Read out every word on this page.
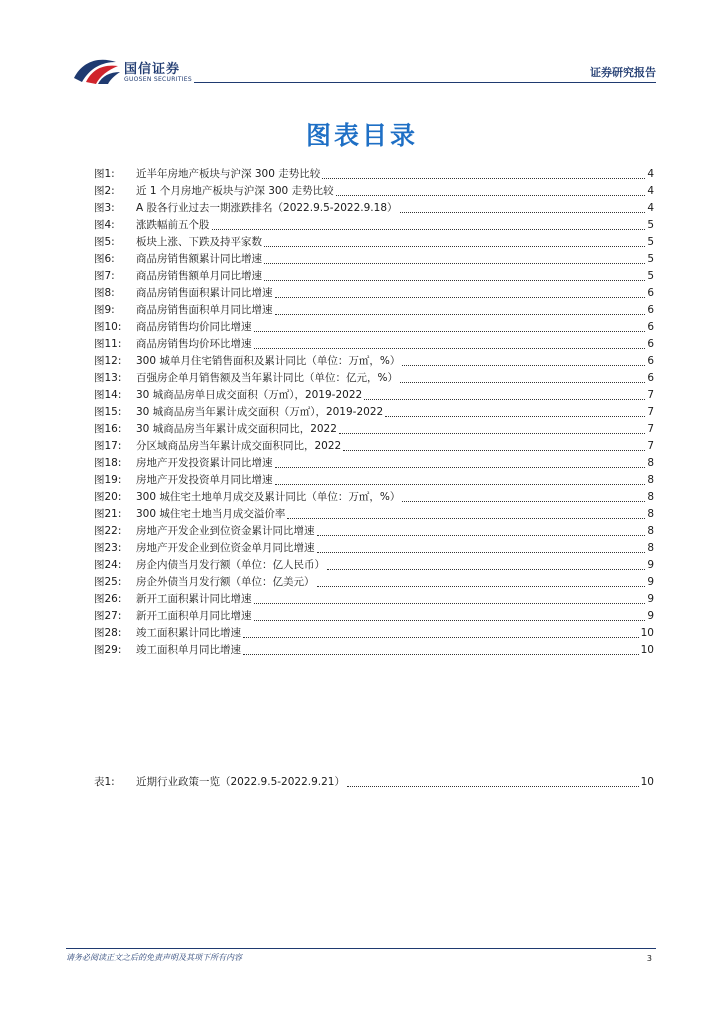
国信证券
GUOSEN SECURITIES
证券研究报告
图表目录
图1: 近半年房地产板块与沪深 300 走势比较	4
图2: 近 1 个月房地产板块与沪深 300 走势比较	4
图3: A 股各行业过去一期涨跌排名（2022.9.5-2022.9.18）	4
图4: 涨跌幅前五个股	5
图5: 板块上涨、下跌及持平家数	5
图6: 商品房销售额累计同比增速	5
图7: 商品房销售额单月同比增速	5
图8: 商品房销售面积累计同比增速	6
图9: 商品房销售面积单月同比增速	6
图10: 商品房销售均价同比增速	6
图11: 商品房销售均价环比增速	6
图12: 300 城单月住宅销售面积及累计同比（单位：万㎡，%）	6
图13: 百强房企单月销售额及当年累计同比（单位：亿元，%）	6
图14: 30 城商品房单日成交面积（万㎡），2019-2022	7
图15: 30 城商品房当年累计成交面积（万㎡），2019-2022	7
图16: 30 城商品房当年累计成交面积同比，2022	7
图17: 分区域商品房当年累计成交面积同比，2022	7
图18: 房地产开发投资累计同比增速	8
图19: 房地产开发投资单月同比增速	8
图20: 300 城住宅土地单月成交及累计同比（单位：万㎡，%）	8
图21: 300 城住宅土地当月成交溢价率	8
图22: 房地产开发企业到位资金累计同比增速	8
图23: 房地产开发企业到位资金单月同比增速	8
图24: 房企内债当月发行额（单位：亿人民币）	9
图25: 房企外债当月发行额（单位：亿美元）	9
图26: 新开工面积累计同比增速	9
图27: 新开工面积单月同比增速	9
图28: 竣工面积累计同比增速	10
图29: 竣工面积单月同比增速	10
表1: 近期行业政策一览（2022.9.5-2022.9.21）	10
请务必阅读正文之后的免责声明及其项下所有内容	3
